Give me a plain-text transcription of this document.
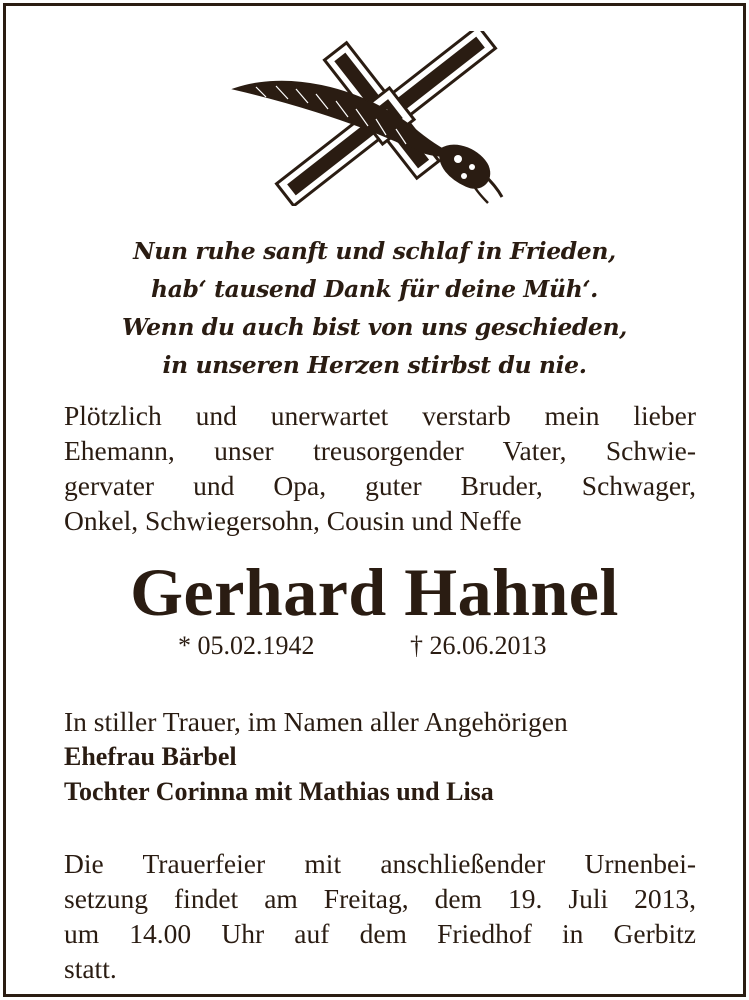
Nun ruhe sanft und schlaf in Frieden,
hab‘ tausend Dank für deine Müh‘.
Wenn du auch bist von uns geschieden,
in unseren Herzen stirbst du nie.
Plötzlich und unerwartet verstarb mein lieber
Ehemann, unser treusorgender Vater, Schwie-
gervater und Opa, guter Bruder, Schwager,
Onkel, Schwiegersohn, Cousin und Neffe
Gerhard Hahnel
* 05.02.1942	† 26.06.2013
In stiller Trauer, im Namen aller Angehörigen
Ehefrau Bärbel
Tochter Corinna mit Mathias und Lisa
Die Trauerfeier mit anschließender Urnenbei-
setzung findet am Freitag, dem 19. Juli 2013,
um 14.00 Uhr auf dem Friedhof in Gerbitz
statt.
